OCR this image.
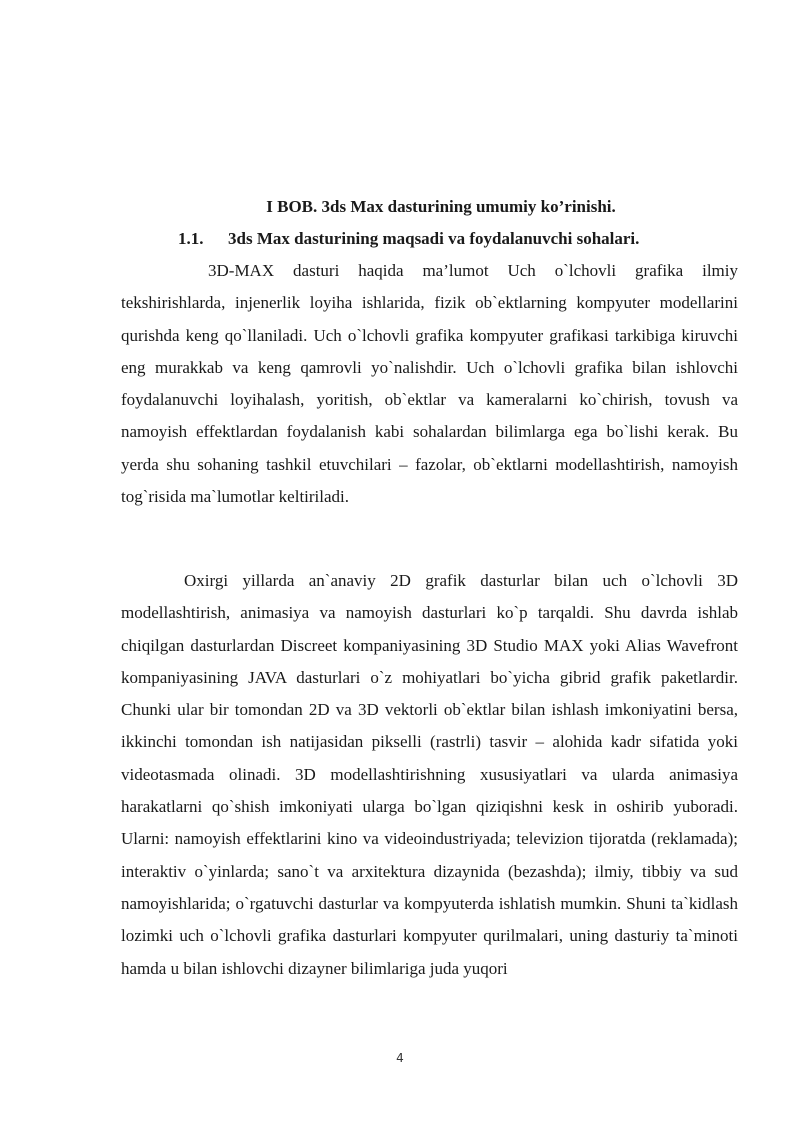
I BOB. 3ds Max dasturining umumiy ko’rinishi.
1.1. 3ds Max dasturining maqsadi va foydalanuvchi sohalari.

3D-MAX dasturi haqida ma’lumot Uch o`lchovli grafika ilmiy tekshirishlarda, injenerlik loyiha ishlarida, fizik ob`ektlarning kompyuter modellarini qurishda keng qo`llaniladi. Uch o`lchovli grafika kompyuter grafikasi tarkibiga kiruvchi eng murakkab va keng qamrovli yo`nalishdir. Uch o`lchovli grafika bilan ishlovchi foydalanuvchi loyihalash, yoritish, ob`ektlar va kameralarni ko`chirish, tovush va namoyish effektlardan foydalanish kabi sohalardan bilimlarga ega bo`lishi kerak. Bu yerda shu sohaning tashkil etuvchilari – fazolar, ob`ektlarni modellashtirish, namoyish tog`risida ma`lumotlar keltiriladi.

Oxirgi yillarda an`anaviy 2D grafik dasturlar bilan uch o`lchovli 3D modellashtirish, animasiya va namoyish dasturlari ko`p tarqaldi. Shu davrda ishlab chiqilgan dasturlardan Discreet kompaniyasining 3D Studio MAX yoki Alias Wavefront kompaniyasining JAVA dasturlari o`z mohiyatlari bo`yicha gibrid grafik paketlardir. Chunki ular bir tomondan 2D va 3D vektorli ob`ektlar bilan ishlash imkoniyatini bersa, ikkinchi tomondan ish natijasidan pikselli (rastrli) tasvir – alohida kadr sifatida yoki videotasmada olinadi. 3D modellashtirishning xususiyatlari va ularda animasiya harakatlarni qo`shish imkoniyati ularga bo`lgan qiziqishni kesk in oshirib yuboradi. Ularni: namoyish effektlarini kino va videoindustriyada; televizion tijoratda (reklamada); interaktiv o`yinlarda; sano`t va arxitektura dizaynida (bezashda); ilmiy, tibbiy va sud namoyishlarida; o`rgatuvchi dasturlar va kompyuterda ishlatish mumkin. Shuni ta`kidlash lozimki uch o`lchovli grafika dasturlari kompyuter qurilmalari, uning dasturiy ta`minoti hamda u bilan ishlovchi dizayner bilimlariga juda yuqori

4
